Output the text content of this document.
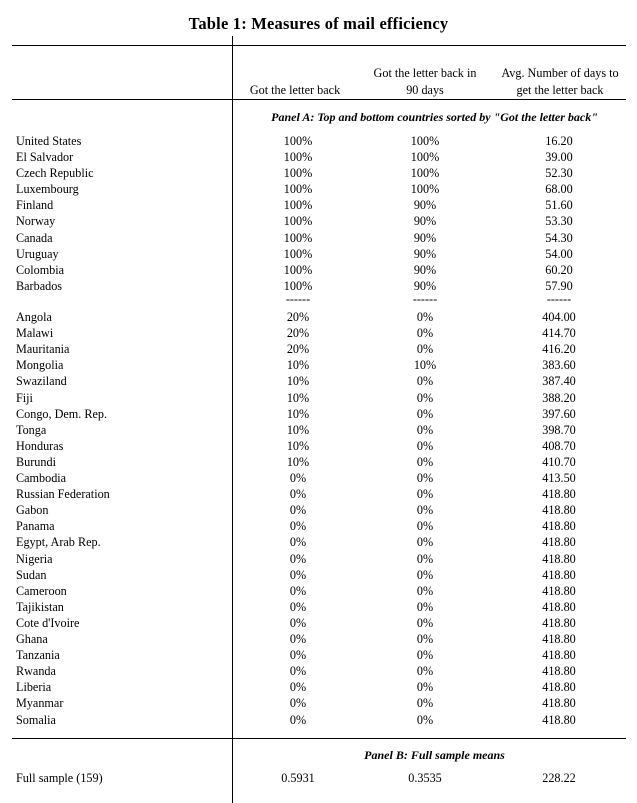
Table 1: Measures of mail efficiency
Got the letter back
Got the letter back in
90 days
Avg. Number of days to
get the letter back
Panel A: Top and bottom countries sorted by "Got the letter back"
United States	100%	100%	16.20
El Salvador	100%	100%	39.00
Czech Republic	100%	100%	52.30
Luxembourg	100%	100%	68.00
Finland	100%	90%	51.60
Norway	100%	90%	53.30
Canada	100%	90%	54.30
Uruguay	100%	90%	54.00
Colombia	100%	90%	60.20
Barbados	100%	90%	57.90
------	------	------
Angola	20%	0%	404.00
Malawi	20%	0%	414.70
Mauritania	20%	0%	416.20
Mongolia	10%	10%	383.60
Swaziland	10%	0%	387.40
Fiji	10%	0%	388.20
Congo, Dem. Rep.	10%	0%	397.60
Tonga	10%	0%	398.70
Honduras	10%	0%	408.70
Burundi	10%	0%	410.70
Cambodia	0%	0%	413.50
Russian Federation	0%	0%	418.80
Gabon	0%	0%	418.80
Panama	0%	0%	418.80
Egypt, Arab Rep.	0%	0%	418.80
Nigeria	0%	0%	418.80
Sudan	0%	0%	418.80
Cameroon	0%	0%	418.80
Tajikistan	0%	0%	418.80
Cote d'Ivoire	0%	0%	418.80
Ghana	0%	0%	418.80
Tanzania	0%	0%	418.80
Rwanda	0%	0%	418.80
Liberia	0%	0%	418.80
Myanmar	0%	0%	418.80
Somalia	0%	0%	418.80
Panel B: Full sample means
Full sample (159)	0.5931	0.3535	228.22
